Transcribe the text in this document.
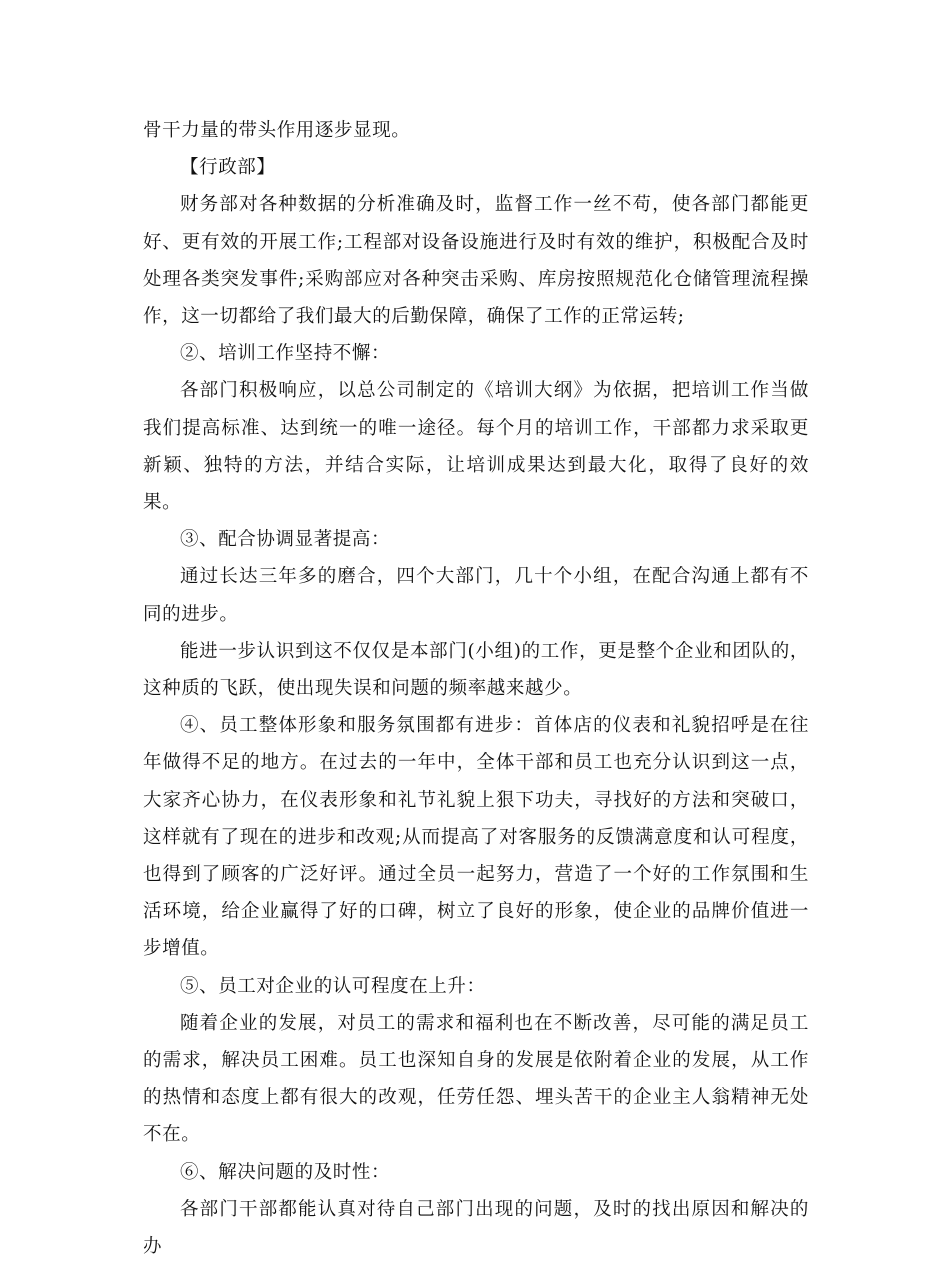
骨干力量的带头作用逐步显现。

【行政部】

财务部对各种数据的分析准确及时，监督工作一丝不苟，使各部门都能更好、更有效的开展工作;工程部对设备设施进行及时有效的维护，积极配合及时处理各类突发事件;采购部应对各种突击采购、库房按照规范化仓储管理流程操作，这一切都给了我们最大的后勤保障，确保了工作的正常运转;

②、培训工作坚持不懈：

各部门积极响应，以总公司制定的《培训大纲》为依据，把培训工作当做我们提高标准、达到统一的唯一途径。每个月的培训工作，干部都力求采取更新颖、独特的方法，并结合实际，让培训成果达到最大化，取得了良好的效果。

③、配合协调显著提高：

通过长达三年多的磨合，四个大部门，几十个小组，在配合沟通上都有不同的进步。

能进一步认识到这不仅仅是本部门(小组)的工作，更是整个企业和团队的，这种质的飞跃，使出现失误和问题的频率越来越少。

④、员工整体形象和服务氛围都有进步：首体店的仪表和礼貌招呼是在往年做得不足的地方。在过去的一年中，全体干部和员工也充分认识到这一点，大家齐心协力，在仪表形象和礼节礼貌上狠下功夫，寻找好的方法和突破口，这样就有了现在的进步和改观;从而提高了对客服务的反馈满意度和认可程度，也得到了顾客的广泛好评。通过全员一起努力，营造了一个好的工作氛围和生活环境，给企业赢得了好的口碑，树立了良好的形象，使企业的品牌价值进一步增值。

⑤、员工对企业的认可程度在上升：

随着企业的发展，对员工的需求和福利也在不断改善，尽可能的满足员工的需求，解决员工困难。员工也深知自身的发展是依附着企业的发展，从工作的热情和态度上都有很大的改观，任劳任怨、埋头苦干的企业主人翁精神无处不在。

⑥、解决问题的及时性：

各部门干部都能认真对待自己部门出现的问题，及时的找出原因和解决的办
